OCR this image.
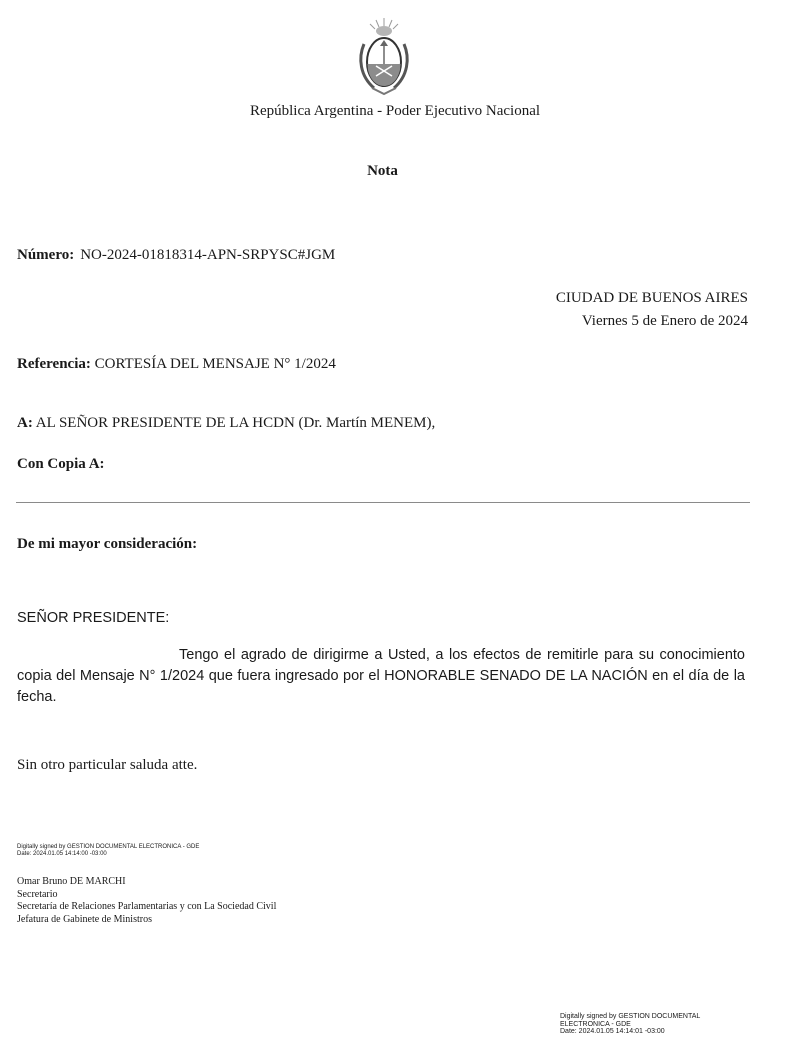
República Argentina - Poder Ejecutivo Nacional
Nota
Número: NO-2024-01818314-APN-SRPYSC#JGM
CIUDAD DE BUENOS AIRES
Viernes 5 de Enero de 2024
Referencia: CORTESÍA DEL MENSAJE N° 1/2024
A: AL SEÑOR PRESIDENTE DE LA HCDN (Dr. Martín MENEM),
Con Copia A:
De mi mayor consideración:
SEÑOR PRESIDENTE:
Tengo el agrado de dirigirme a Usted, a los efectos de remitirle para su conocimiento copia del Mensaje N° 1/2024 que fuera ingresado por el HONORABLE SENADO DE LA NACIÓN en el día de la fecha.
Sin otro particular saluda atte.
Digitally signed by GESTION DOCUMENTAL ELECTRONICA - GDE
Date: 2024.01.05 14:14:00 -03:00
Omar Bruno DE MARCHI
Secretario
Secretaría de Relaciones Parlamentarias y con La Sociedad Civil
Jefatura de Gabinete de Ministros
Digitally signed by GESTION DOCUMENTAL
ELECTRONICA - GDE
Date: 2024.01.05 14:14:01 -03:00
